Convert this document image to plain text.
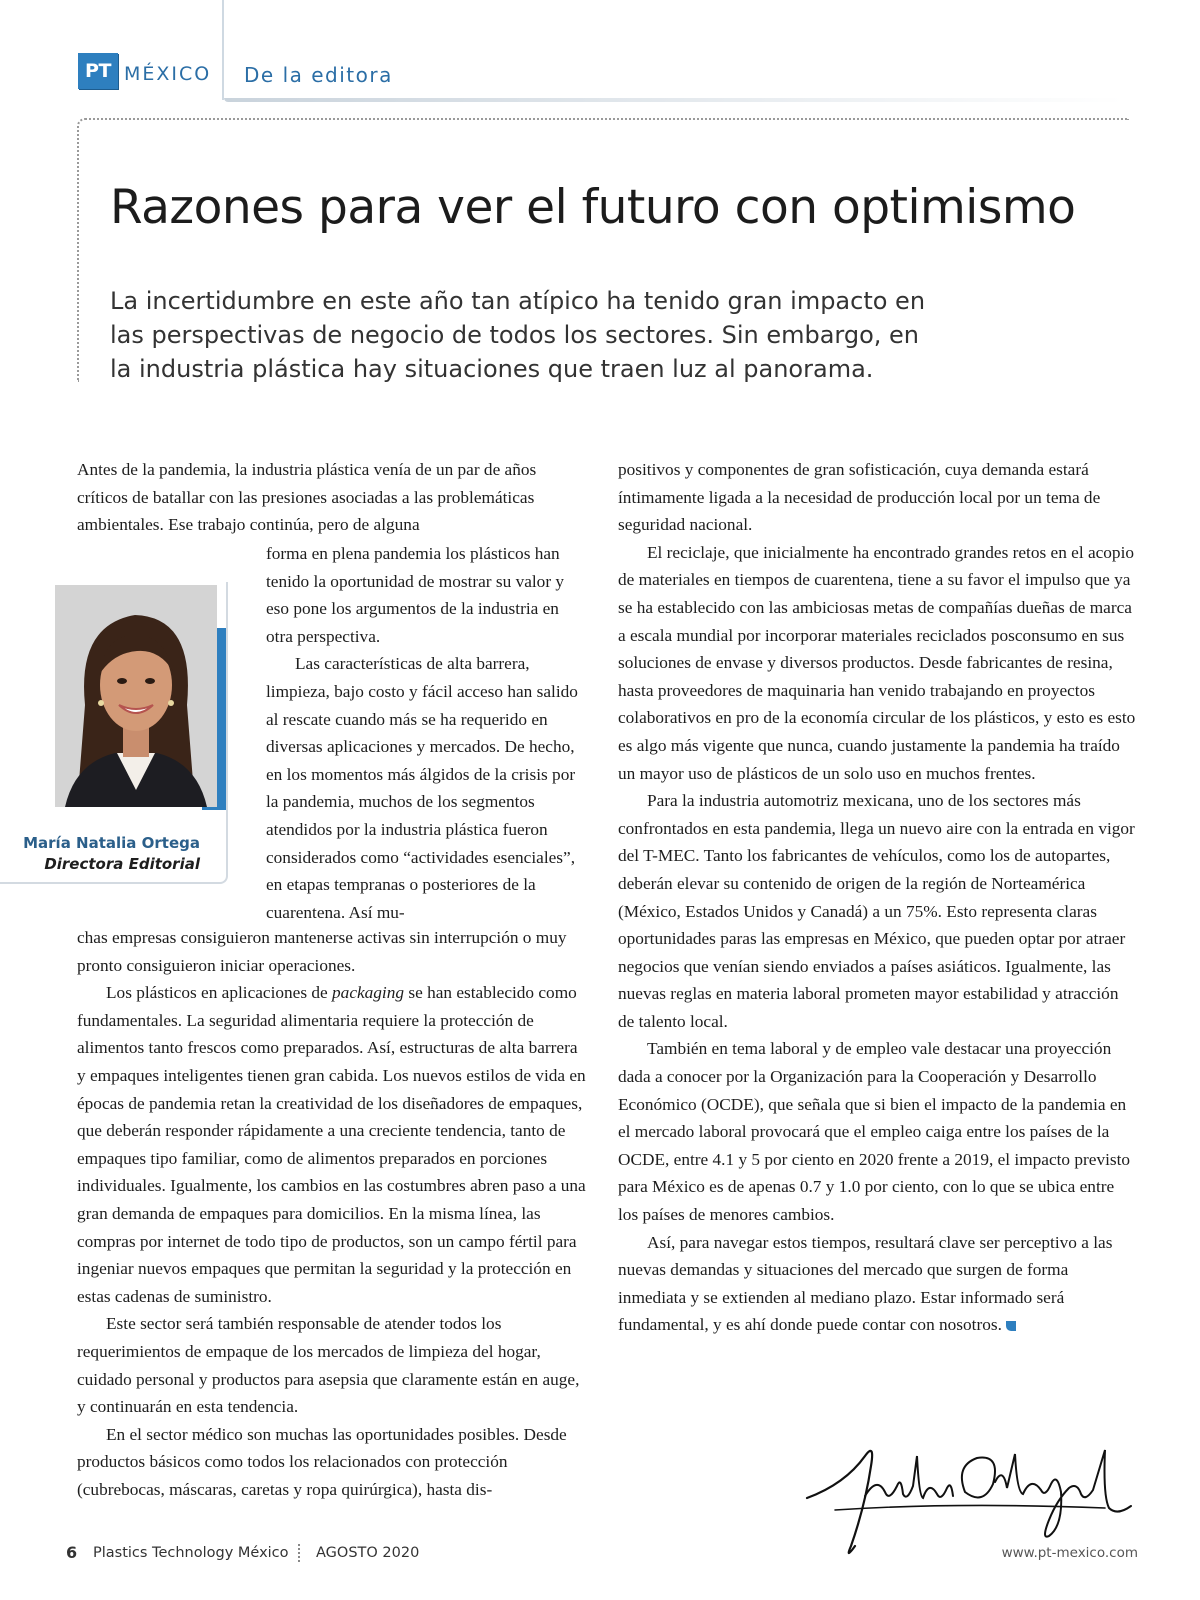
PT MÉXICO De la editora
Razones para ver el futuro con optimismo

La incertidumbre en este año tan atípico ha tenido gran impacto en las perspectivas de negocio de todos los sectores. Sin embargo, en la industria plástica hay situaciones que traen luz al panorama.

Antes de la pandemia, la industria plástica venía de un par de años críticos de batallar con las presiones asociadas a las problemáticas ambientales. Ese trabajo continúa, pero de alguna

forma en plena pandemia los plásticos han tenido la oportunidad de mostrar su valor y eso pone los argumentos de la industria en otra perspectiva.

Las características de alta barrera, limpieza, bajo costo y fácil acceso han salido al rescate cuando más se ha requerido en diversas aplicaciones y mercados. De hecho, en los momentos más álgidos de la crisis por la pandemia, muchos de los segmentos atendidos por la industria plástica fueron considerados como “actividades esenciales”, en etapas tempranas o posteriores de la cuarentena. Así mu-

chas empresas consiguieron mantenerse activas sin interrupción o muy pronto consiguieron iniciar operaciones.

Los plásticos en aplicaciones de packaging se han establecido como fundamentales. La seguridad alimentaria requiere la protección de alimentos tanto frescos como preparados. Así, estructuras de alta barrera y empaques inteligentes tienen gran cabida. Los nuevos estilos de vida en épocas de pandemia retan la creatividad de los diseñadores de empaques, que deberán responder rápidamente a una creciente tendencia, tanto de empaques tipo familiar, como de alimentos preparados en porciones individuales. Igualmente, los cambios en las costumbres abren paso a una gran demanda de empaques para domicilios. En la misma línea, las compras por internet de todo tipo de productos, son un campo fértil para ingeniar nuevos empaques que permitan la seguridad y la protección en estas cadenas de suministro.

Este sector será también responsable de atender todos los requerimientos de empaque de los mercados de limpieza del hogar, cuidado personal y productos para asepsia que claramente están en auge, y continuarán en esta tendencia.

En el sector médico son muchas las oportunidades posibles. Desde productos básicos como todos los relacionados con protección (cubrebocas, máscaras, caretas y ropa quirúrgica), hasta dis-

María Natalia Ortega
Directora Editorial

positivos y componentes de gran sofisticación, cuya demanda estará íntimamente ligada a la necesidad de producción local por un tema de seguridad nacional.

El reciclaje, que inicialmente ha encontrado grandes retos en el acopio de materiales en tiempos de cuarentena, tiene a su favor el impulso que ya se ha establecido con las ambiciosas metas de compañías dueñas de marca a escala mundial por incorporar materiales reciclados posconsumo en sus soluciones de envase y diversos productos. Desde fabricantes de resina, hasta proveedores de maquinaria han venido trabajando en proyectos colaborativos en pro de la economía circular de los plásticos, y esto es esto es algo más vigente que nunca, cuando justamente la pandemia ha traído un mayor uso de plásticos de un solo uso en muchos frentes.

Para la industria automotriz mexicana, uno de los sectores más confrontados en esta pandemia, llega un nuevo aire con la entrada en vigor del T-MEC. Tanto los fabricantes de vehículos, como los de autopartes, deberán elevar su contenido de origen de la región de Norteamérica (México, Estados Unidos y Canadá) a un 75%. Esto representa claras oportunidades paras las empresas en México, que pueden optar por atraer negocios que venían siendo enviados a países asiáticos. Igualmente, las nuevas reglas en materia laboral prometen mayor estabilidad y atracción de talento local.

También en tema laboral y de empleo vale destacar una proyección dada a conocer por la Organización para la Cooperación y Desarrollo Económico (OCDE), que señala que si bien el impacto de la pandemia en el mercado laboral provocará que el empleo caiga entre los países de la OCDE, entre 4.1 y 5 por ciento en 2020 frente a 2019, el impacto previsto para México es de apenas 0.7 y 1.0 por ciento, con lo que se ubica entre los países de menores cambios.

Así, para navegar estos tiempos, resultará clave ser perceptivo a las nuevas demandas y situaciones del mercado que surgen de forma inmediata y se extienden al mediano plazo. Estar informado será fundamental, y es ahí donde puede contar con nosotros.

6 Plastics Technology México AGOSTO 2020	www.pt-mexico.com
